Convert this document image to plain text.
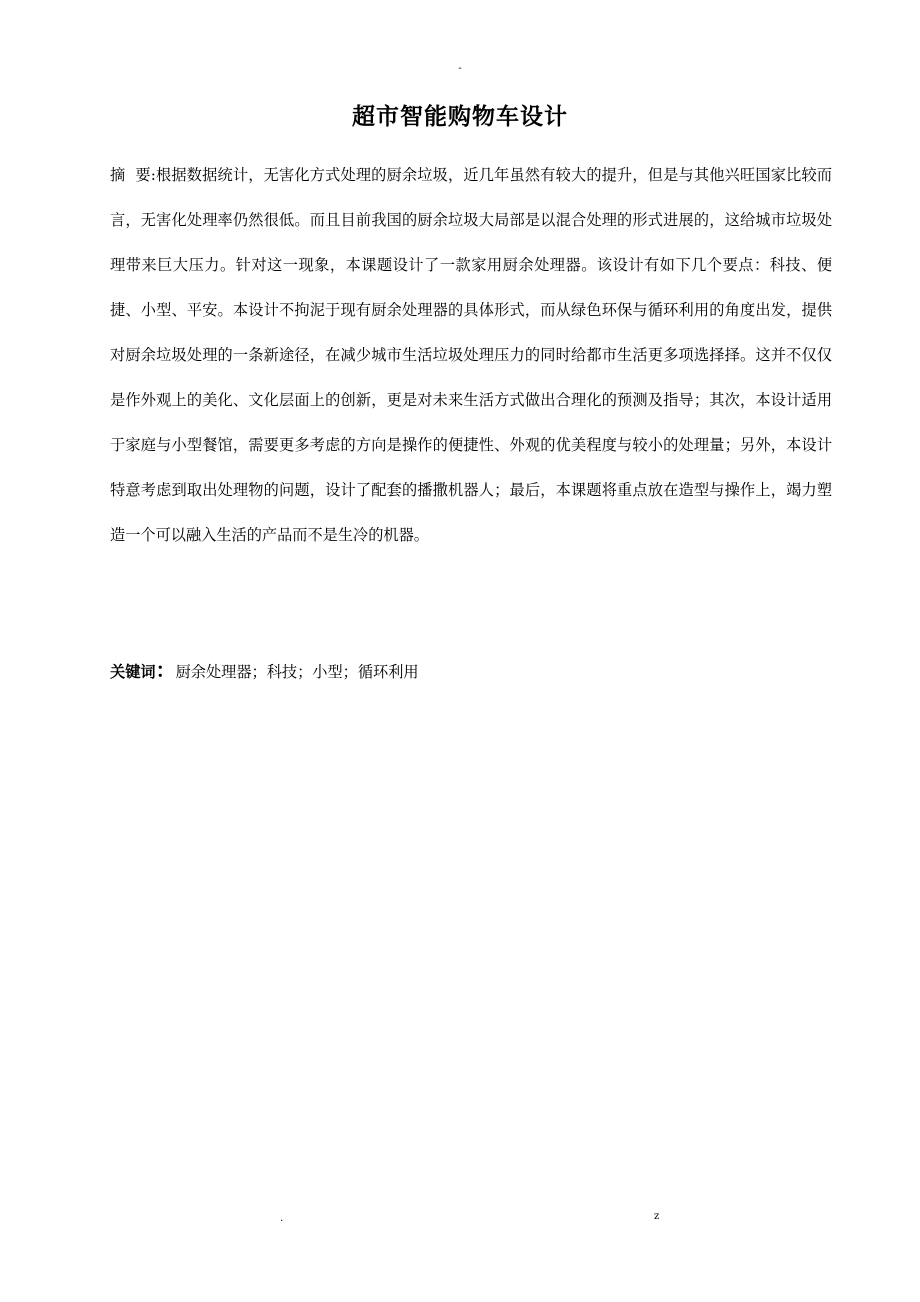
-
超市智能购物车设计

摘  要:根据数据统计，无害化方式处理的厨余垃圾，近几年虽然有较大的提升，但是与其他兴旺国家比较而言，无害化处理率仍然很低。而且目前我国的厨余垃圾大局部是以混合处理的形式进展的，这给城市垃圾处理带来巨大压力。针对这一现象，本课题设计了一款家用厨余处理器。该设计有如下几个要点：科技、便捷、小型、平安。本设计不拘泥于现有厨余处理器的具体形式，而从绿色环保与循环利用的角度出发，提供对厨余垃圾处理的一条新途径，在减少城市生活垃圾处理压力的同时给都市生活更多项选择择。这并不仅仅是作外观上的美化、文化层面上的创新，更是对未来生活方式做出合理化的预测及指导；其次，本设计适用于家庭与小型餐馆，需要更多考虑的方向是操作的便捷性、外观的优美程度与较小的处理量；另外，本设计特意考虑到取出处理物的问题，设计了配套的播撒机器人；最后，本课题将重点放在造型与操作上，竭力塑造一个可以融入生活的产品而不是生冷的机器。

关键词：厨余处理器；科技；小型；循环利用

.	z
